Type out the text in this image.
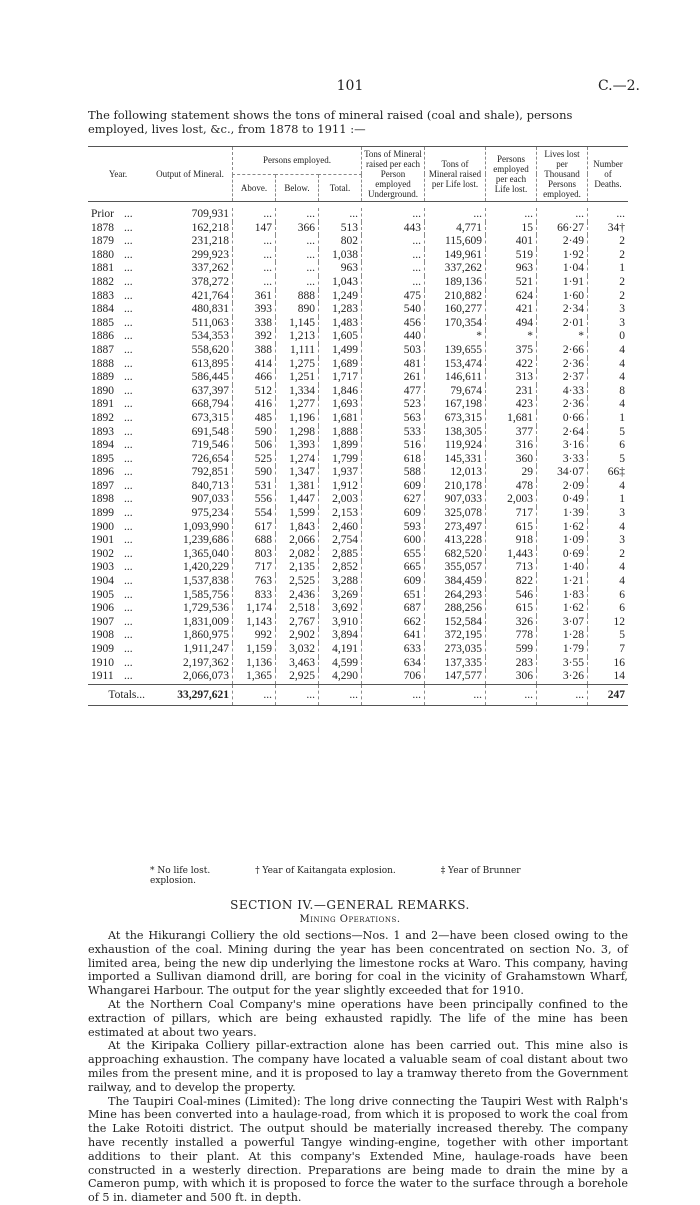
101	C.—2.
The following statement shows the tons of mineral raised (coal and shale), persons employed, lives lost, &c., from 1878 to 1911 :—
Year.	Output of Mineral.	Persons employed.			Tons of Mineral raised per each Person employed Underground.	Tons of Mineral raised per Life lost.	Persons employed per each Life lost.	Lives lost per Thousand Persons employed.	Number of Deaths.
		Above.	Below.	Total.					

Prior ...	709,931	...	...	...	...	...	...	...	...
1878 ...	162,218	147	366	513	443	4,771	15	66·27	34†
1879 ...	231,218	...	...	802	...	115,609	401	2·49	2
1880 ...	299,923	...	...	1,038	...	149,961	519	1·92	2
1881 ...	337,262	...	...	963	...	337,262	963	1·04	1
1882 ...	378,272	...	...	1,043	...	189,136	521	1·91	2
1883 ...	421,764	361	888	1,249	475	210,882	624	1·60	2
1884 ...	480,831	393	890	1,283	540	160,277	421	2·34	3
1885 ...	511,063	338	1,145	1,483	456	170,354	494	2·01	3
1886 ...	534,353	392	1,213	1,605	440	*	*	*	0
1887 ...	558,620	388	1,111	1,499	503	139,655	375	2·66	4
1888 ...	613,895	414	1,275	1,689	481	153,474	422	2·36	4
1889 ...	586,445	466	1,251	1,717	261	146,611	313	2·37	4
1890 ...	637,397	512	1,334	1,846	477	79,674	231	4·33	8
1891 ...	668,794	416	1,277	1,693	523	167,198	423	2·36	4
1892 ...	673,315	485	1,196	1,681	563	673,315	1,681	0·66	1
1893 ...	691,548	590	1,298	1,888	533	138,305	377	2·64	5
1894 ...	719,546	506	1,393	1,899	516	119,924	316	3·16	6
1895 ...	726,654	525	1,274	1,799	618	145,331	360	3·33	5
1896 ...	792,851	590	1,347	1,937	588	12,013	29	34·07	66‡
1897 ...	840,713	531	1,381	1,912	609	210,178	478	2·09	4
1898 ...	907,033	556	1,447	2,003	627	907,033	2,003	0·49	1
1899 ...	975,234	554	1,599	2,153	609	325,078	717	1·39	3
1900 ...	1,093,990	617	1,843	2,460	593	273,497	615	1·62	4
1901 ...	1,239,686	688	2,066	2,754	600	413,228	918	1·09	3
1902 ...	1,365,040	803	2,082	2,885	655	682,520	1,443	0·69	2
1903 ...	1,420,229	717	2,135	2,852	665	355,057	713	1·40	4
1904 ...	1,537,838	763	2,525	3,288	609	384,459	822	1·21	4
1905 ...	1,585,756	833	2,436	3,269	651	264,293	546	1·83	6
1906 ...	1,729,536	1,174	2,518	3,692	687	288,256	615	1·62	6
1907 ...	1,831,009	1,143	2,767	3,910	662	152,584	326	3·07	12
1908 ...	1,860,975	992	2,902	3,894	641	372,195	778	1·28	5
1909 ...	1,911,247	1,159	3,032	4,191	633	273,035	599	1·79	7
1910 ...	2,197,362	1,136	3,463	4,599	634	137,335	283	3·55	16
1911 ...	2,066,073	1,365	2,925	4,290	706	147,577	306	3·26	14
Totals...	33,297,621	...	...	...	...	...	...	...	247
* No life lost.	† Year of Kaitangata explosion.	‡ Year of Brunner explosion.
SECTION IV.—GENERAL REMARKS.
Mining Operations.

At the Hikurangi Colliery the old sections—Nos. 1 and 2—have been closed owing to the exhaustion of the coal. Mining during the year has been concentrated on section No. 3, of limited area, being the new dip underlying the limestone rocks at Waro. This company, having imported a Sullivan diamond drill, are boring for coal in the vicinity of Grahamstown Wharf, Whangarei Harbour. The output for the year slightly exceeded that for 1910.

At the Northern Coal Company's mine operations have been principally confined to the extraction of pillars, which are being exhausted rapidly. The life of the mine has been estimated at about two years.

At the Kiripaka Colliery pillar-extraction alone has been carried out. This mine also is approaching exhaustion. The company have located a valuable seam of coal distant about two miles from the present mine, and it is proposed to lay a tramway thereto from the Government railway, and to develop the property.

The Taupiri Coal-mines (Limited): The long drive connecting the Taupiri West with Ralph's Mine has been converted into a haulage-road, from which it is proposed to work the coal from the Lake Rotoiti district. The output should be materially increased thereby. The company have recently installed a powerful Tangye winding-engine, together with other important additions to their plant. At this company's Extended Mine, haulage-roads have been constructed in a westerly direction. Preparations are being made to drain the mine by a Cameron pump, with which it is proposed to force the water to the surface through a borehole of 5 in. diameter and 500 ft. in depth.
